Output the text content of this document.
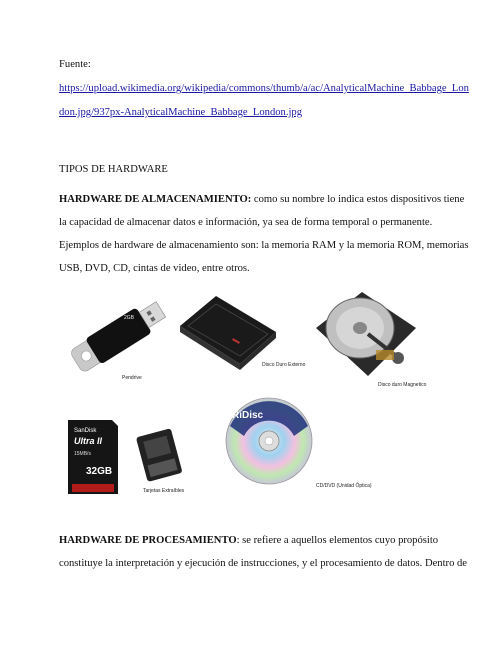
Fuente:
https://upload.wikimedia.org/wikipedia/commons/thumb/a/ac/AnalyticalMachine_Babbage_Lon
don.jpg/937px-AnalyticalMachine_Babbage_London.jpg
TIPOS DE HARDWARE
HARDWARE DE ALMACENAMIENTO: como su nombre lo indica estos dispositivos tiene
la capacidad de almacenar datos e información, ya sea de forma temporal o permanente.
Ejemplos de hardware de almacenamiento son: la memoria RAM y la memoria ROM, memorias
USB, DVD, CD, cintas de video, entre otros.
2GB
Pendrive
Disco Duro Externo
Disco duro Magnetico
SanDisk
Ultra II
15MB/s
32GB
Tarjetas Extraíbles
RiDisc
CD/DVD (Unidad Óptica)
HARDWARE DE PROCESAMIENTO: se refiere a aquellos elementos cuyo propósito
constituye la interpretación y ejecución de instrucciones, y el procesamiento de datos. Dentro de
